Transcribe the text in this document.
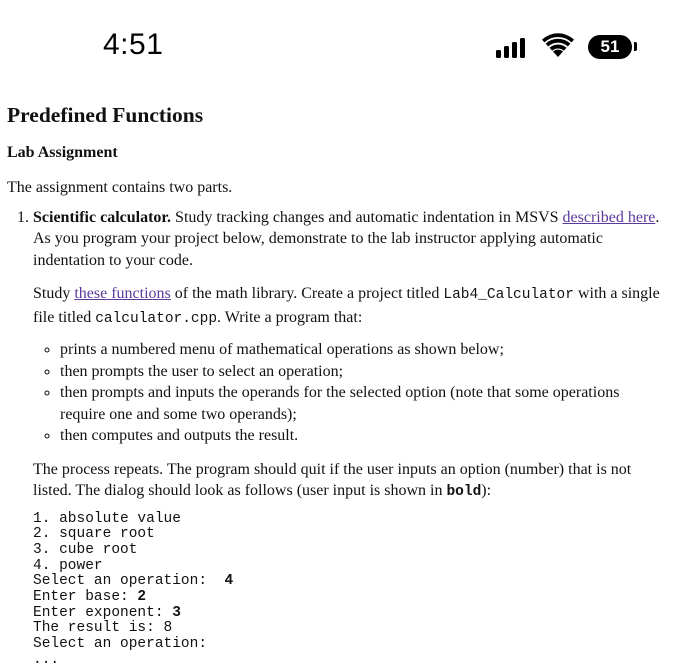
4:51	51
Predefined Functions
Lab Assignment

The assignment contains two parts.

1. Scientific calculator. Study tracking changes and automatic indentation in MSVS described here. As you program your project below, demonstrate to the lab instructor applying automatic indentation to your code.

Study these functions of the math library. Create a project titled Lab4_Calculator with a single file titled calculator.cpp. Write a program that:

◦ prints a numbered menu of mathematical operations as shown below;
◦ then prompts the user to select an operation;
◦ then prompts and inputs the operands for the selected option (note that some operations require one and some two operands);
◦ then computes and outputs the result.

The process repeats. The program should quit if the user inputs an option (number) that is not listed. The dialog should look as follows (user input is shown in bold):

1. absolute value
2. square root
3. cube root
4. power
Select an operation:  4
Enter base: 2
Enter exponent: 3
The result is: 8
Select an operation:
...
